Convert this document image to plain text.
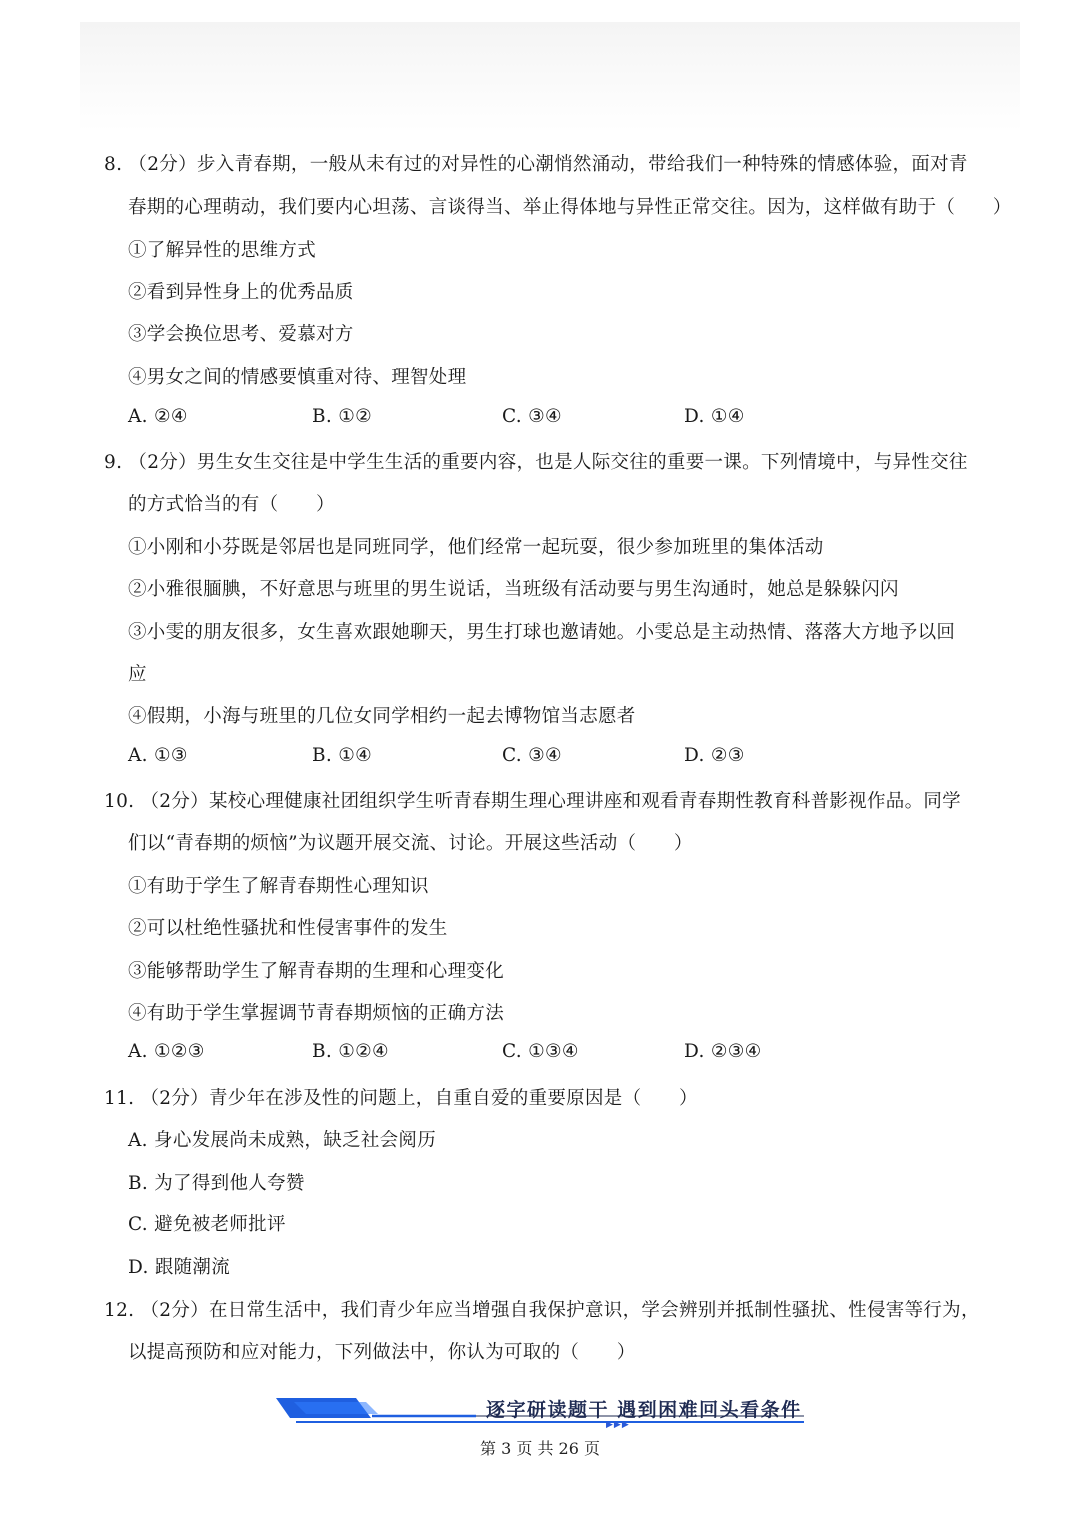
8. （2分）步入青春期，一般从未有过的对异性的心潮悄然涌动，带给我们一种特殊的情感体验，面对青
春期的心理萌动，我们要内心坦荡、言谈得当、举止得体地与异性正常交往。因为，这样做有助于（　　）
①了解异性的思维方式
②看到异性身上的优秀品质
③学会换位思考、爱慕对方
④男女之间的情感要慎重对待、理智处理
A. ②④	B. ①②	C. ③④	D. ①④
9. （2分）男生女生交往是中学生生活的重要内容，也是人际交往的重要一课。下列情境中，与异性交往
的方式恰当的有（　　）
①小刚和小芬既是邻居也是同班同学，他们经常一起玩耍，很少参加班里的集体活动
②小雅很腼腆，不好意思与班里的男生说话，当班级有活动要与男生沟通时，她总是躲躲闪闪
③小雯的朋友很多，女生喜欢跟她聊天，男生打球也邀请她。小雯总是主动热情、落落大方地予以回
应
④假期，小海与班里的几位女同学相约一起去博物馆当志愿者
A. ①③	B. ①④	C. ③④	D. ②③
10. （2分）某校心理健康社团组织学生听青春期生理心理讲座和观看青春期性教育科普影视作品。同学
们以“青春期的烦恼”为议题开展交流、讨论。开展这些活动（　　）
①有助于学生了解青春期性心理知识
②可以杜绝性骚扰和性侵害事件的发生
③能够帮助学生了解青春期的生理和心理变化
④有助于学生掌握调节青春期烦恼的正确方法
A. ①②③	B. ①②④	C. ①③④	D. ②③④
11. （2分）青少年在涉及性的问题上，自重自爱的重要原因是（　　）
A. 身心发展尚未成熟，缺乏社会阅历
B. 为了得到他人夸赞
C. 避免被老师批评
D. 跟随潮流
12. （2分）在日常生活中，我们青少年应当增强自我保护意识，学会辨别并抵制性骚扰、性侵害等行为，
以提高预防和应对能力，下列做法中，你认为可取的（　　）
逐字研读题干 遇到困难回头看条件
▶▶▶
第 3 页 共 26 页
